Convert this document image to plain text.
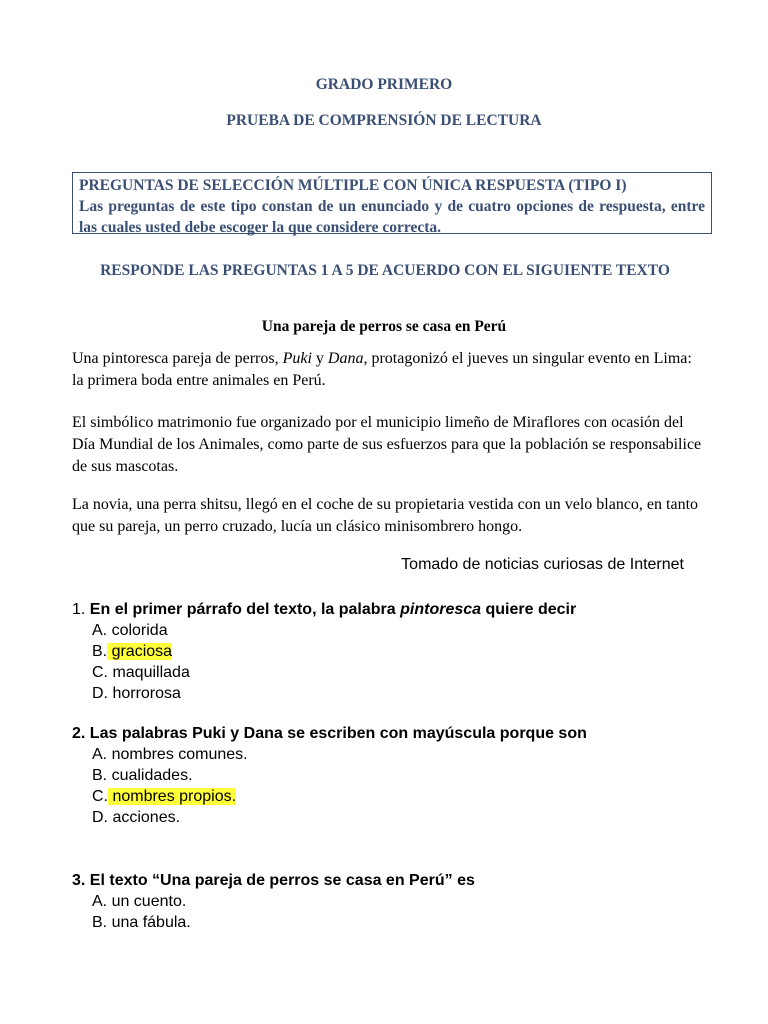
GRADO PRIMERO
PRUEBA DE COMPRENSIÓN DE LECTURA
PREGUNTAS DE SELECCIÓN MÚLTIPLE CON ÚNICA RESPUESTA (TIPO I)
Las preguntas de este tipo constan de un enunciado y de cuatro opciones de respuesta, entre las cuales usted debe escoger la que considere correcta.
RESPONDE LAS PREGUNTAS 1 A 5 DE ACUERDO CON EL SIGUIENTE TEXTO
Una pareja de perros se casa en Perú
Una pintoresca pareja de perros, Puki y Dana, protagonizó el jueves un singular evento en Lima: la primera boda entre animales en Perú.
El simbólico matrimonio fue organizado por el municipio limeño de Miraflores con ocasión del Día Mundial de los Animales, como parte de sus esfuerzos para que la población se responsabilice de sus mascotas.
La novia, una perra shitsu, llegó en el coche de su propietaria vestida con un velo blanco, en tanto que su pareja, un perro cruzado, lucía un clásico minisombrero hongo.
Tomado de noticias curiosas de Internet
1. En el primer párrafo del texto, la palabra pintoresca quiere decir
A. colorida
B. graciosa
C. maquillada
D. horrorosa
2. Las palabras Puki y Dana se escriben con mayúscula porque son
A. nombres comunes.
B. cualidades.
C. nombres propios.
D. acciones.
3. El texto “Una pareja de perros se casa en Perú” es
A. un cuento.
B. una fábula.
